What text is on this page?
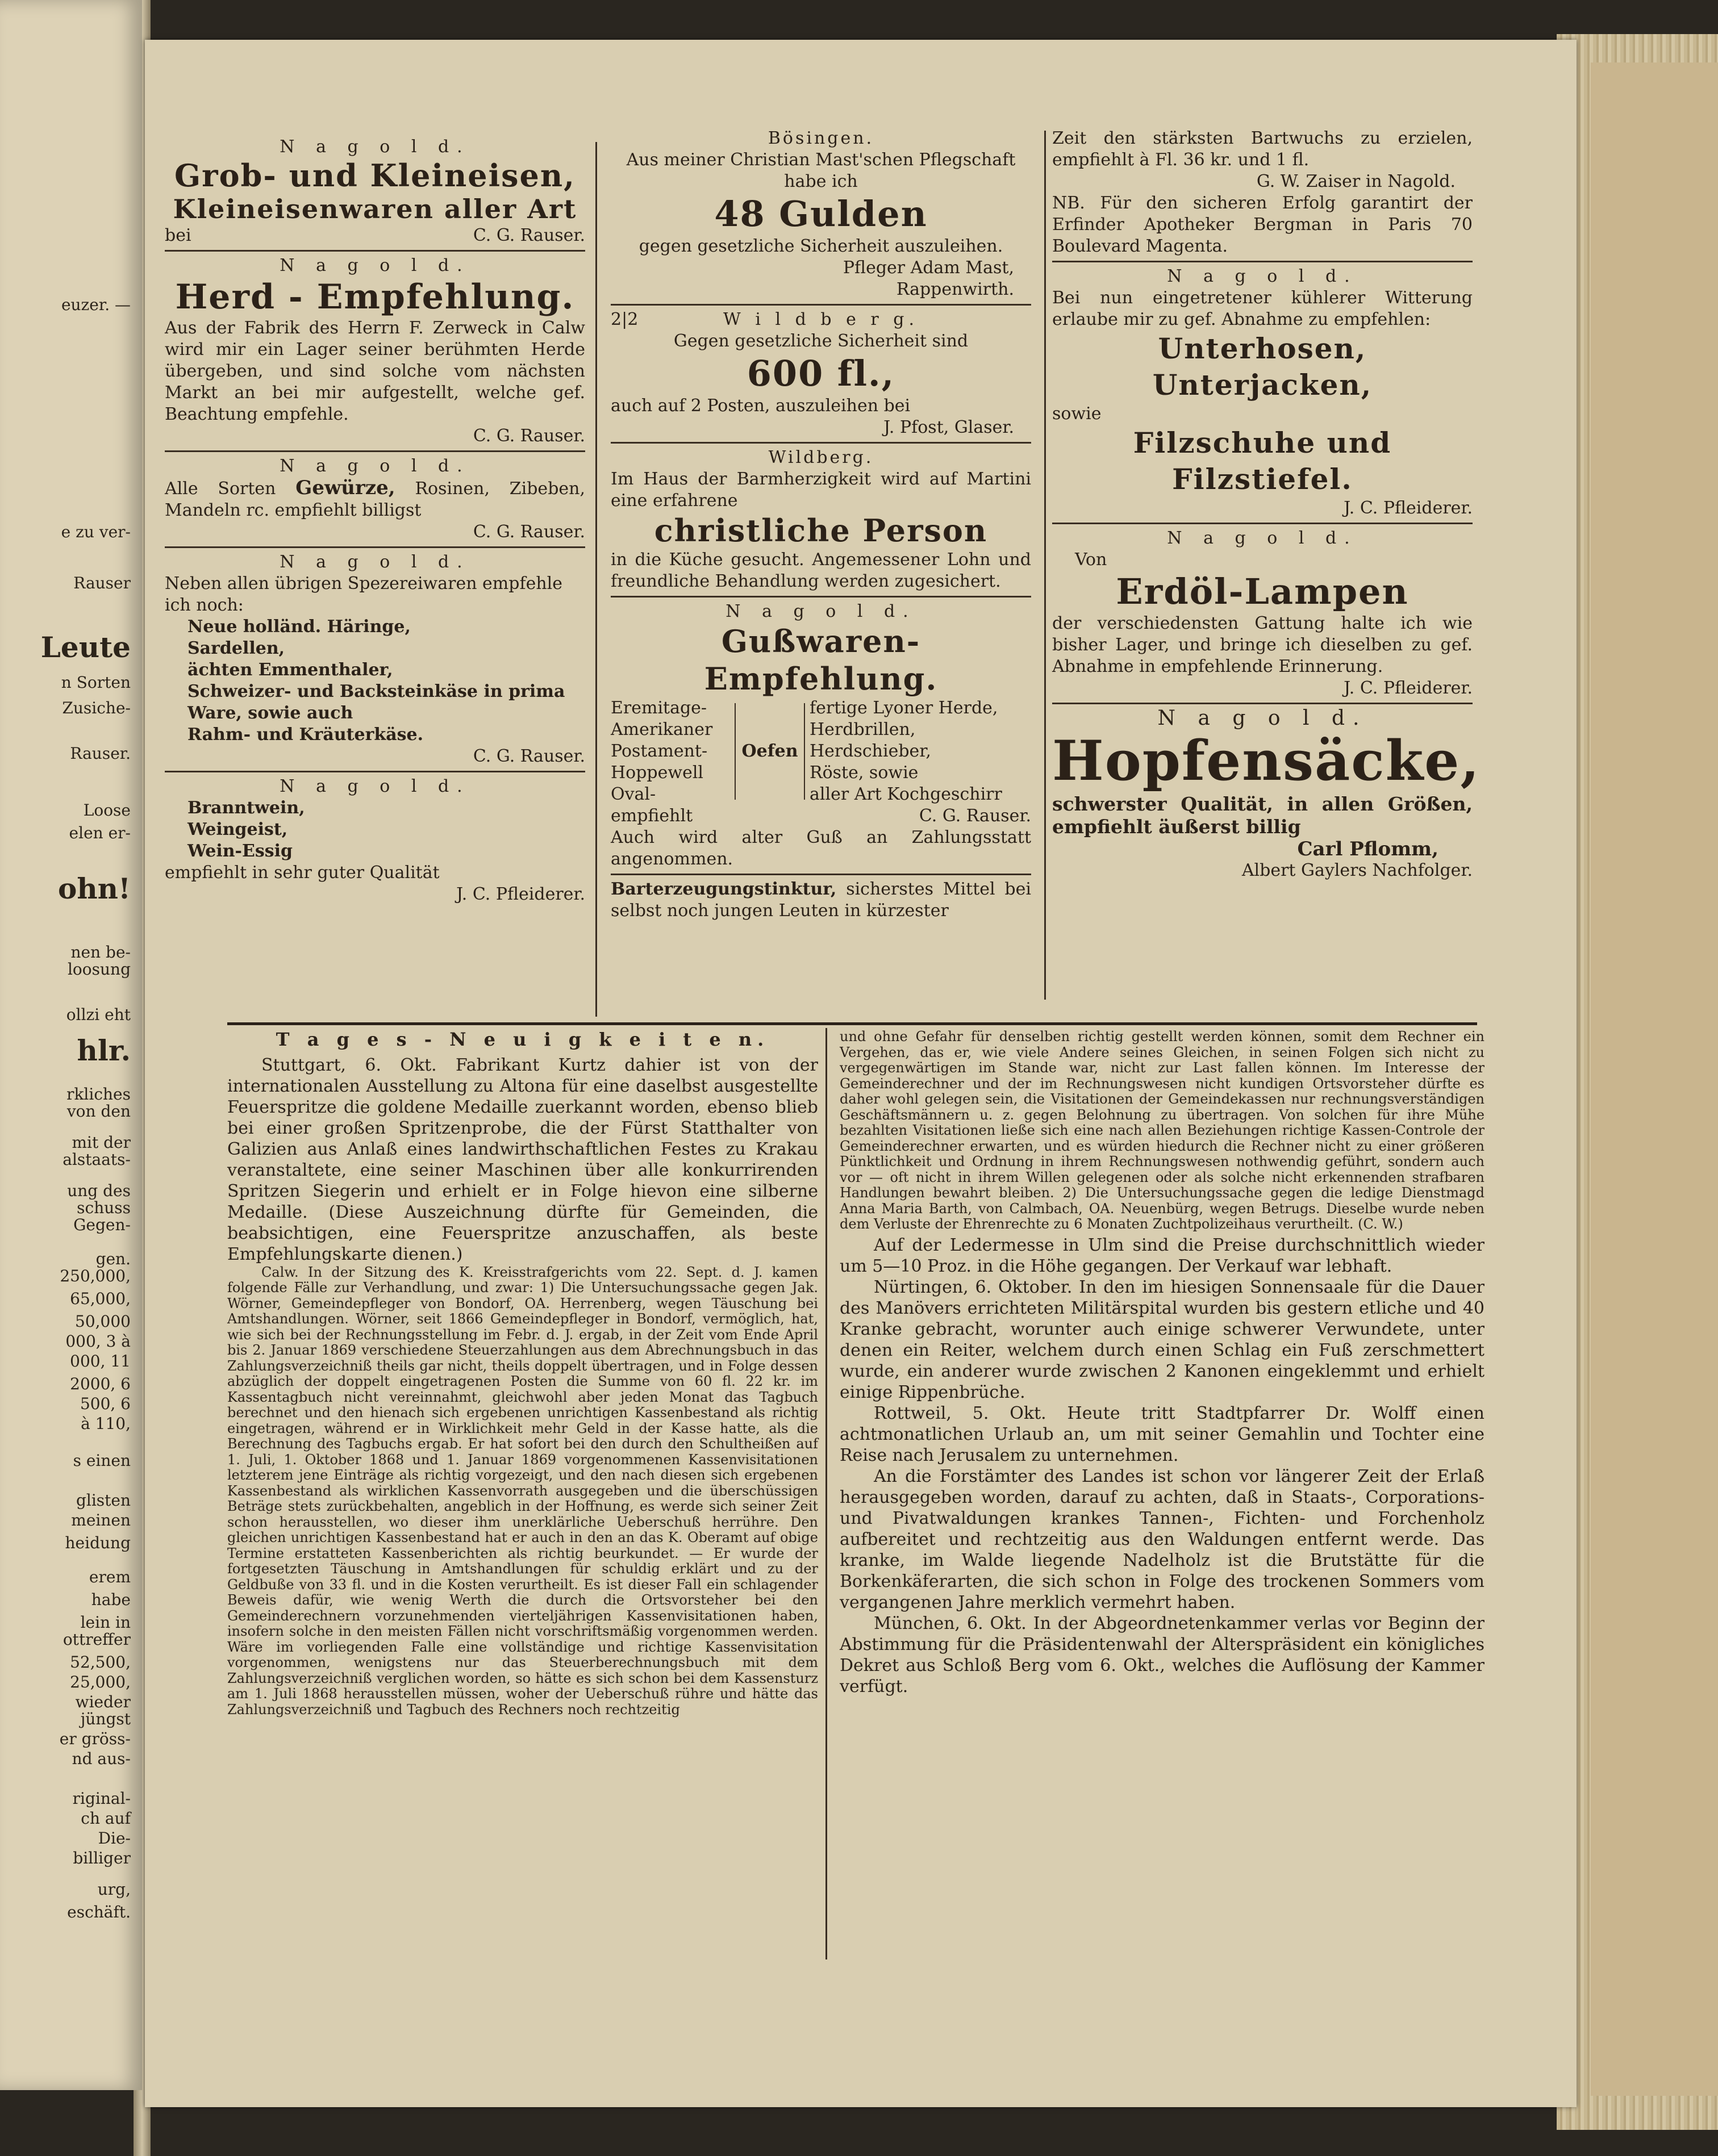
N a g o l d.
Grob- und Kleineisen,
Kleineisenwaren aller Art
bei	C. G. Rauser.
N a g o l d.
Herd - Empfehlung.
Aus der Fabrik des Herrn F. Zerweck in Calw wird mir ein Lager seiner berühmten Herde übergeben, und sind solche vom nächsten Markt an bei mir aufgestellt, welche gef. Beachtung empfehle.
C. G. Rauser.
N a g o l d.
Alle Sorten Gewürze, Rosinen, Zibeben, Mandeln rc. empfiehlt billigst
C. G. Rauser.
N a g o l d.
Neben allen übrigen Spezereiwaren empfehle ich noch:
Neue holländ. Häringe,
Sardellen,
ächten Emmenthaler,
Schweizer- und Backsteinkäse in prima Ware, sowie auch
Rahm- und Kräuterkäse.
C. G. Rauser.
N a g o l d.
Branntwein,
Weingeist,
Wein-Essig
empfiehlt in sehr guter Qualität
J. C. Pfleiderer.
Bösingen.
Aus meiner Christian Mast'schen Pflegschaft habe ich
48 Gulden
gegen gesetzliche Sicherheit auszuleihen.
Pfleger Adam Mast,
Rappenwirth.
2|2	W i l d b e r g.
Gegen gesetzliche Sicherheit sind
600 fl.,
auch auf 2 Posten, auszuleihen bei
J. Pfost, Glaser.
Wildberg.
Im Haus der Barmherzigkeit wird auf Martini eine erfahrene
christliche Person
in die Küche gesucht. Angemessener Lohn und freundliche Behandlung werden zugesichert.
N a g o l d.
Gußwaren-Empfehlung.
Eremitage-
Amerikaner
Postament-
Hoppewell
Oval-
Oefen
fertige Lyoner Herde,
Herdbrillen,
Herdschieber,
Röste, sowie
aller Art Kochgeschirr
empfiehlt	C. G. Rauser.
Auch wird alter Guß an Zahlungsstatt angenommen.
Barterzeugungstinktur, sicherstes Mittel bei selbst noch jungen Leuten in kürzester
Zeit den stärksten Bartwuchs zu erzielen, empfiehlt à Fl. 36 kr. und 1 fl.
G. W. Zaiser in Nagold.
NB. Für den sicheren Erfolg garantirt der Erfinder Apotheker Bergman in Paris 70 Boulevard Magenta.
N a g o l d.
Bei nun eingetretener kühlerer Witterung erlaube mir zu gef. Abnahme zu empfehlen:
Unterhosen, Unterjacken,
sowie
Filzschuhe und Filzstiefel.
J. C. Pfleiderer.
N a g o l d.
Von
Erdöl-Lampen
der verschiedensten Gattung halte ich wie bisher Lager, und bringe ich dieselben zu gef. Abnahme in empfehlende Erinnerung.
J. C. Pfleiderer.
N a g o l d.
Hopfensäcke,
schwerster Qualität, in allen Größen, empfiehlt äußerst billig
Carl Pflomm,
Albert Gaylers Nachfolger.
T a g e s - N e u i g k e i t e n.

Stuttgart, 6. Okt. Fabrikant Kurtz dahier ist von der internationalen Ausstellung zu Altona für eine daselbst ausgestellte Feuerspritze die goldene Medaille zuerkannt worden, ebenso blieb bei einer großen Spritzenprobe, die der Fürst Statthalter von Galizien aus Anlaß eines landwirthschaftlichen Festes zu Krakau veranstaltete, eine seiner Maschinen über alle konkurrirenden Spritzen Siegerin und erhielt er in Folge hievon eine silberne Medaille. (Diese Auszeichnung dürfte für Gemeinden, die beabsichtigen, eine Feuerspritze anzuschaffen, als beste Empfehlungskarte dienen.)

Calw. In der Sitzung des K. Kreisstrafgerichts vom 22. Sept. d. J. kamen folgende Fälle zur Verhandlung, und zwar: 1) Die Untersuchungssache gegen Jak. Wörner, Gemeindepfleger von Bondorf, OA. Herrenberg, wegen Täuschung bei Amtshandlungen. Wörner, seit 1866 Gemeindepfleger in Bondorf, vermöglich, hat, wie sich bei der Rechnungsstellung im Febr. d. J. ergab, in der Zeit vom Ende April bis 2. Januar 1869 verschiedene Steuerzahlungen aus dem Abrechnungsbuch in das Zahlungsverzeichniß theils gar nicht, theils doppelt übertragen, und in Folge dessen abzüglich der doppelt eingetragenen Posten die Summe von 60 fl. 22 kr. im Kassentagbuch nicht vereinnahmt, gleichwohl aber jeden Monat das Tagbuch berechnet und den hienach sich ergebenen unrichtigen Kassenbestand als richtig eingetragen, während er in Wirklichkeit mehr Geld in der Kasse hatte, als die Berechnung des Tagbuchs ergab. Er hat sofort bei den durch den Schultheißen auf 1. Juli, 1. Oktober 1868 und 1. Januar 1869 vorgenommenen Kassenvisitationen letzterem jene Einträge als richtig vorgezeigt, und den nach diesen sich ergebenen Kassenbestand als wirklichen Kassenvorrath ausgegeben und die überschüssigen Beträge stets zurückbehalten, angeblich in der Hoffnung, es werde sich seiner Zeit schon herausstellen, wo dieser ihm unerklärliche Ueberschuß herrühre. Den gleichen unrichtigen Kassenbestand hat er auch in den an das K. Oberamt auf obige Termine erstatteten Kassenberichten als richtig beurkundet. — Er wurde der fortgesetzten Täuschung in Amtshandlungen für schuldig erklärt und zu der Geldbuße von 33 fl. und in die Kosten verurtheilt. Es ist dieser Fall ein schlagender Beweis dafür, wie wenig Werth die durch die Ortsvorsteher bei den Gemeinderechnern vorzunehmenden vierteljährigen Kassenvisitationen haben, insofern solche in den meisten Fällen nicht vorschriftsmäßig vorgenommen werden. Wäre im vorliegenden Falle eine vollständige und richtige Kassenvisitation vorgenommen, wenigstens nur das Steuerberechnungsbuch mit dem Zahlungsverzeichniß verglichen worden, so hätte es sich schon bei dem Kassensturz am 1. Juli 1868 herausstellen müssen, woher der Ueberschuß rühre und hätte das Zahlungsverzeichniß und Tagbuch des Rechners noch rechtzeitig

und ohne Gefahr für denselben richtig gestellt werden können, somit dem Rechner ein Vergehen, das er, wie viele Andere seines Gleichen, in seinen Folgen sich nicht zu vergegenwärtigen im Stande war, nicht zur Last fallen können. Im Interesse der Gemeinderechner und der im Rechnungswesen nicht kundigen Ortsvorsteher dürfte es daher wohl gelegen sein, die Visitationen der Gemeindekassen nur rechnungsverständigen Geschäftsmännern u. z. gegen Belohnung zu übertragen. Von solchen für ihre Mühe bezahlten Visitationen ließe sich eine nach allen Beziehungen richtige Kassen-Controle der Gemeinderechner erwarten, und es würden hiedurch die Rechner nicht zu einer größeren Pünktlichkeit und Ordnung in ihrem Rechnungswesen nothwendig geführt, sondern auch vor — oft nicht in ihrem Willen gelegenen oder als solche nicht erkennenden strafbaren Handlungen bewahrt bleiben. 2) Die Untersuchungssache gegen die ledige Dienstmagd Anna Maria Barth, von Calmbach, OA. Neuenbürg, wegen Betrugs. Dieselbe wurde neben dem Verluste der Ehrenrechte zu 6 Monaten Zuchtpolizeihaus verurtheilt. (C. W.)

Auf der Ledermesse in Ulm sind die Preise durchschnittlich wieder um 5—10 Proz. in die Höhe gegangen. Der Verkauf war lebhaft.

Nürtingen, 6. Oktober. In den im hiesigen Sonnensaale für die Dauer des Manövers errichteten Militärspital wurden bis gestern etliche und 40 Kranke gebracht, worunter auch einige schwerer Verwundete, unter denen ein Reiter, welchem durch einen Schlag ein Fuß zerschmettert wurde, ein anderer wurde zwischen 2 Kanonen eingeklemmt und erhielt einige Rippenbrüche.

Rottweil, 5. Okt. Heute tritt Stadtpfarrer Dr. Wolff einen achtmonatlichen Urlaub an, um mit seiner Gemahlin und Tochter eine Reise nach Jerusalem zu unternehmen.

An die Forstämter des Landes ist schon vor längerer Zeit der Erlaß herausgegeben worden, darauf zu achten, daß in Staats-, Corporations- und Pivatwaldungen krankes Tannen-, Fichten- und Forchenholz aufbereitet und rechtzeitig aus den Waldungen entfernt werde. Das kranke, im Walde liegende Nadelholz ist die Brutstätte für die Borkenkäferarten, die sich schon in Folge des trockenen Sommers vom vergangenen Jahre merklich vermehrt haben.

München, 6. Okt. In der Abgeordnetenkammer verlas vor Beginn der Abstimmung für die Präsidentenwahl der Alterspräsident ein königliches Dekret aus Schloß Berg vom 6. Okt., welches die Auflösung der Kammer verfügt.

euzer. —
e zu ver-
Rauser
Leute
n Sorten
Zusiche-
Rauser.
Loose
elen er-
ohn!
nen be-
loosung
ollzi eht
hlr.
rkliches
von den
mit der
alstaats-
ung des
schuss
Gegen-
gen.
250,000,
65,000,
50,000
000, 3 à
000, 11
2000, 6
500, 6
à 110,
s einen
glisten
meinen
heidung
erem
habe
lein in
ottreffer
52,500,
25,000,
wieder
jüngst
er gröss-
nd aus-
riginal-
ch auf
Die-
billiger
urg,
eschäft.
